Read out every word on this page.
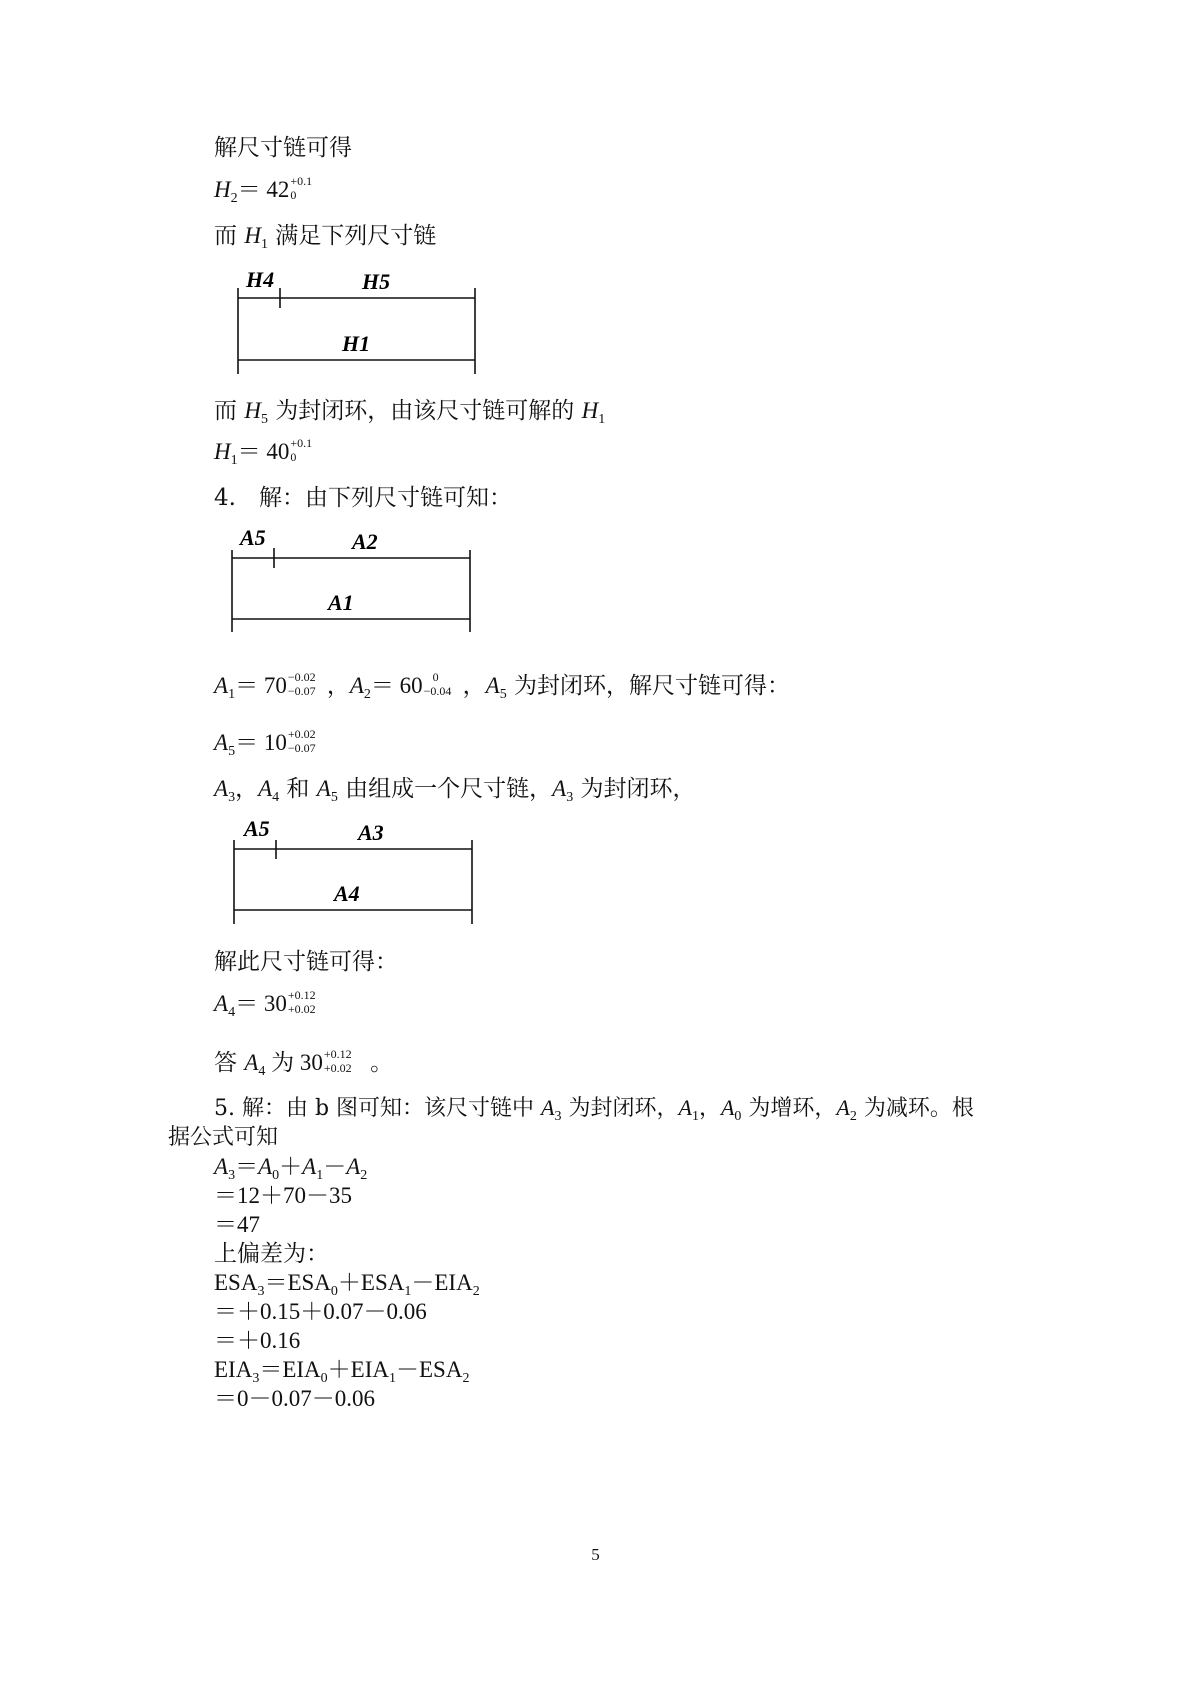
解尺寸链可得
$H_2= 42 +0.1$
0
而 $H_1$ 满足下列尺寸链
H4	H5
H1
而 $H_5$ 为封闭环，由该尺寸链可解的 $H_1$
$H_1= 40 +0.1$
0
4.　解：由下列尺寸链可知：
A5	A2
A1
$A_1= 70 -0.02$
−0.07 ，$A_2= 60$ 0
−0.04 ，$A_5$ 为封闭环，解尺寸链可得：
$A_5= 10 +0.02$
−0.07
$A_3$，$A_4$ 和 $A_5$ 由组成一个尺寸链，$A_3$ 为封闭环，
A5	A3
A4
解此尺寸链可得：
$A_4= 30 +0.12$
+0.02
答 $A_4$ 为 30 +0.12
+0.02 。
5. 解：由 b 图可知：该尺寸链中 $A_3$ 为封闭环，$A_1$，$A_0$ 为增环，$A_2$ 为减环。根
据公式可知
$A_3=A_0+A_1-A_2$
＝12＋70－35
＝47
上偏差为：
$ESA_3=ESA_0+ESA_1-EIA_2$
＝＋0.15＋0.07－0.06
＝＋0.16
$EIA_3=EIA_0+EIA_1-ESA_2$
＝0－0.07－0.06
5
